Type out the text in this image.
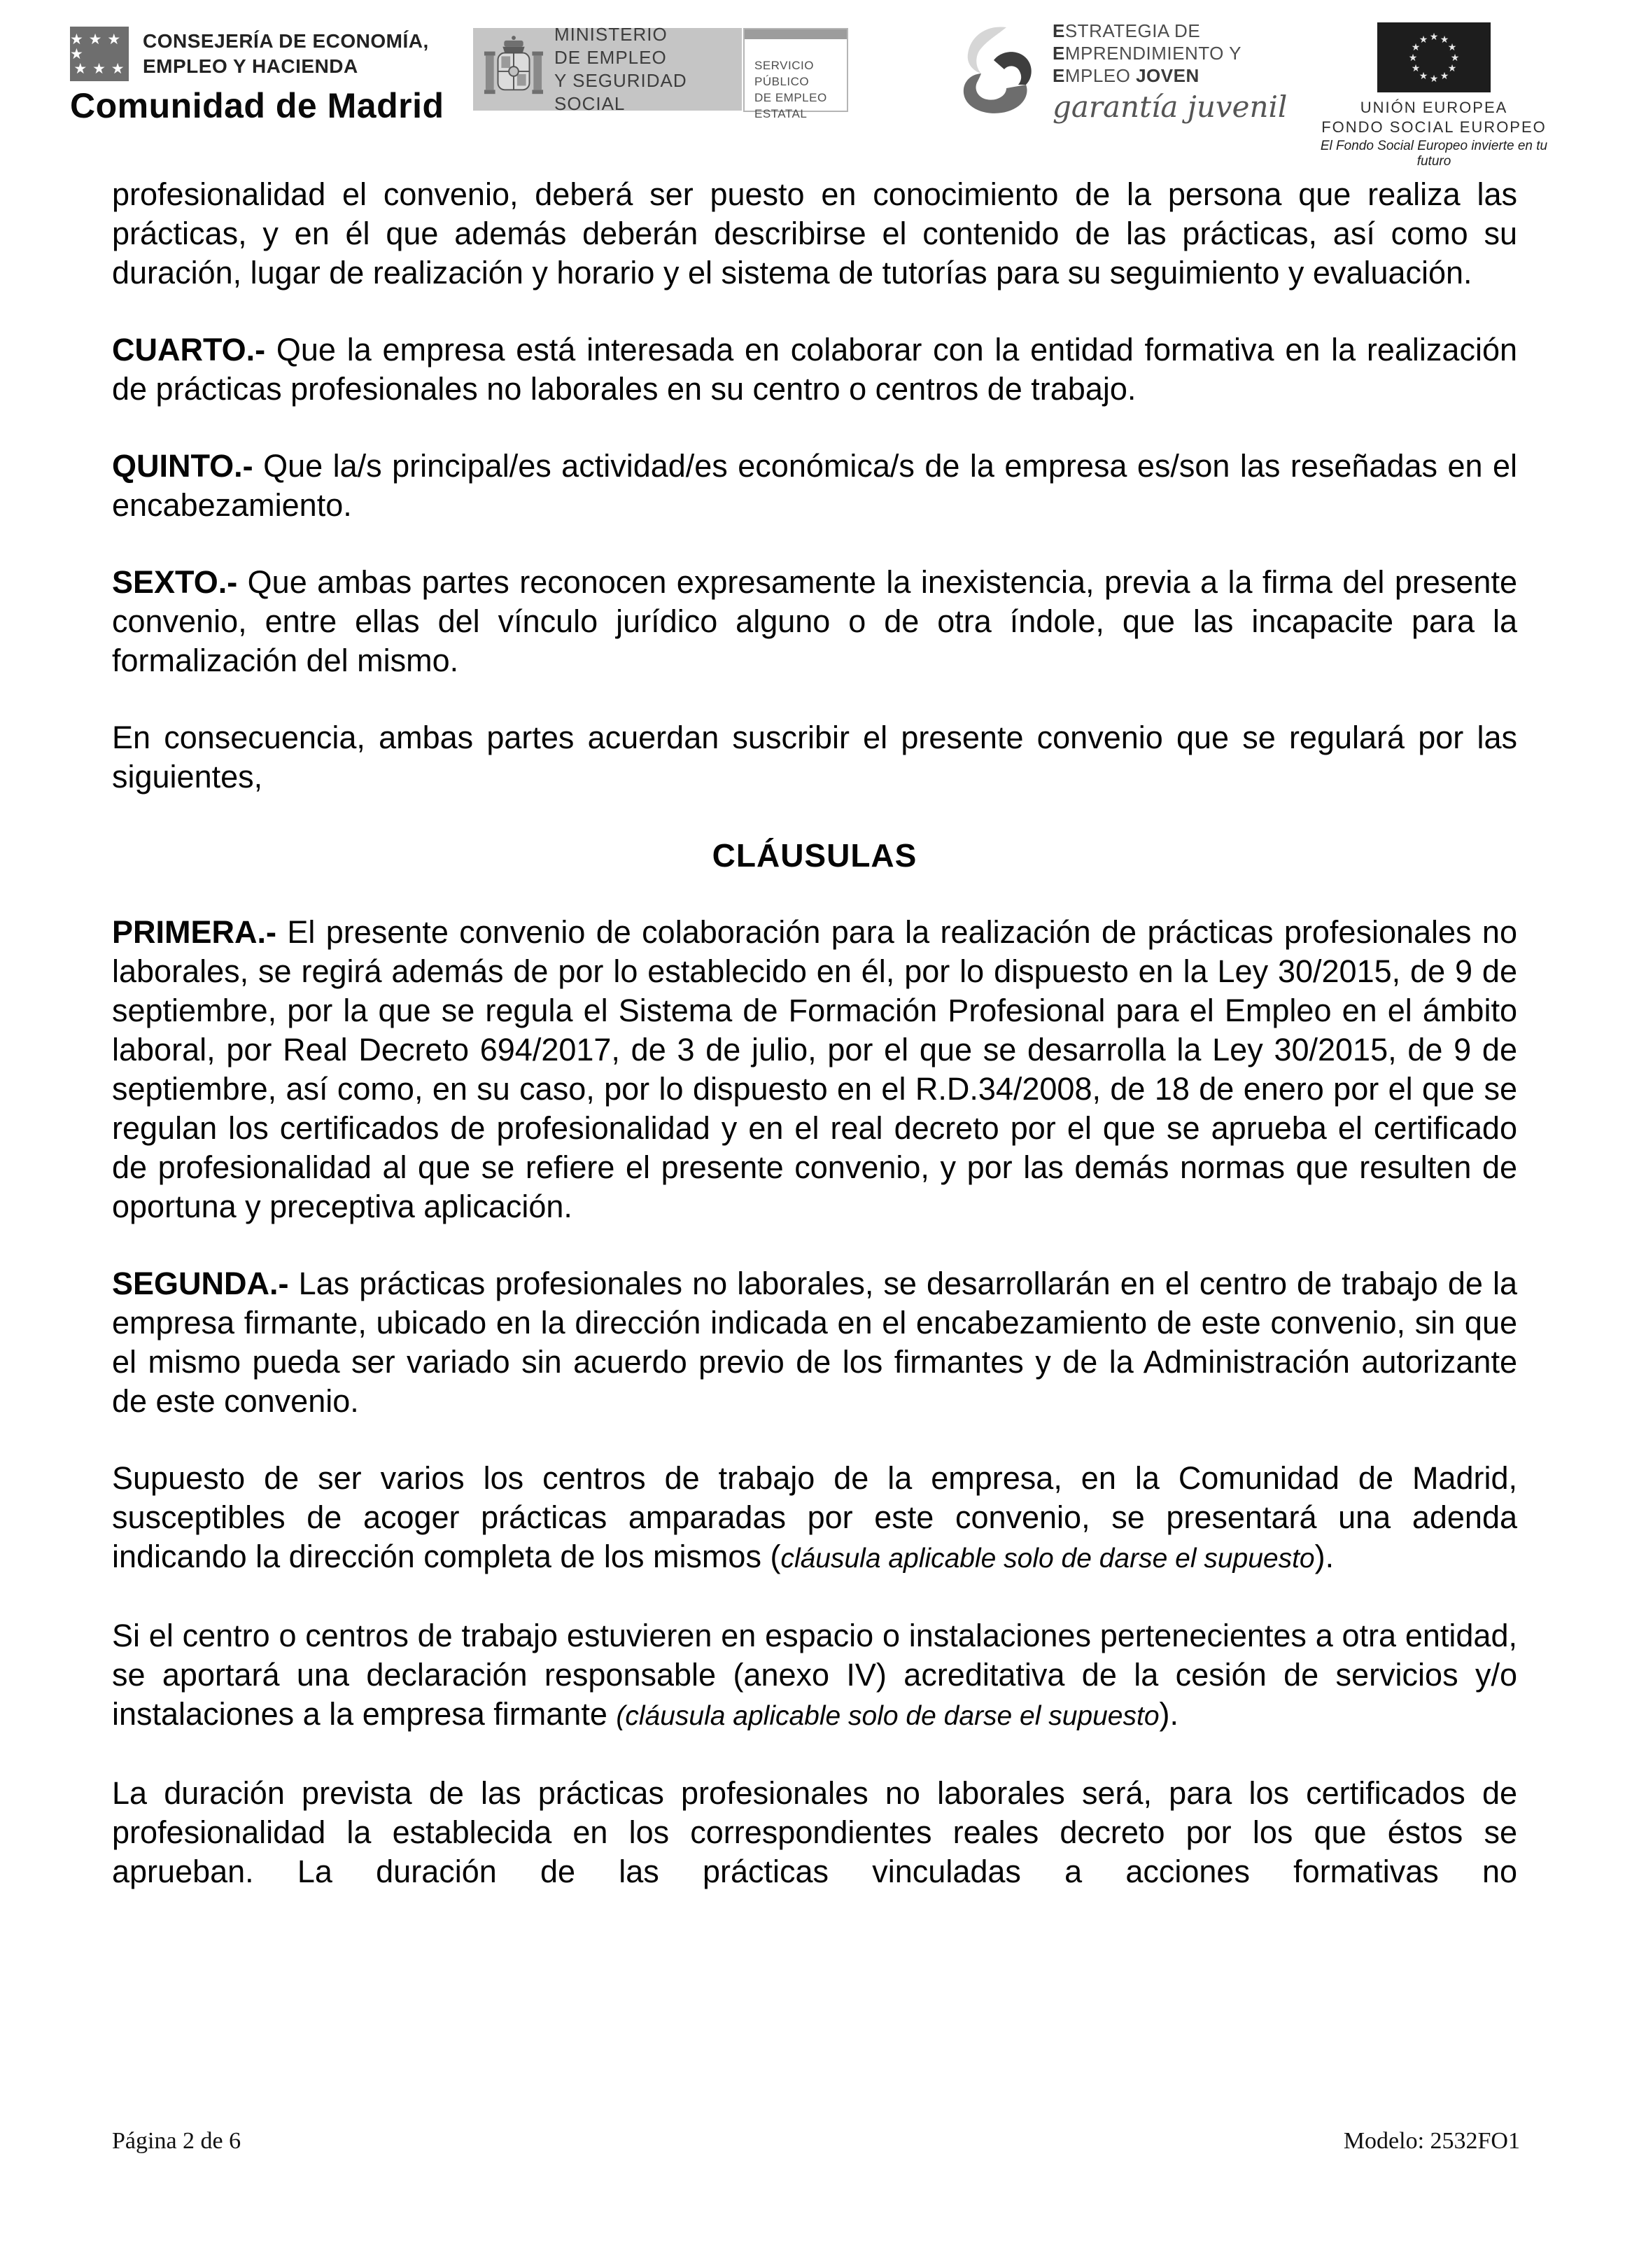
★ ★ ★ ★
★ ★ ★
CONSEJERÍA DE ECONOMÍA,
EMPLEO Y HACIENDA
Comunidad de Madrid
MINISTERIO
DE EMPLEO
Y SEGURIDAD SOCIAL
SERVICIO PÚBLICO
DE EMPLEO ESTATAL
ESTRATEGIA DE
EMPRENDIMIENTO Y
EMPLEO JOVEN
garantía juvenil
★ ★
★
★
★
★
★
★
★
★
★
★
UNIÓN EUROPEA
FONDO SOCIAL EUROPEO
El Fondo Social Europeo invierte en tu futuro

profesionalidad el convenio, deberá ser puesto en conocimiento de la persona que realiza las prácticas, y en él que además deberán describirse el contenido de las prácticas, así como su duración, lugar de realización y horario y el sistema de tutorías para su seguimiento y evaluación.

CUARTO.- Que la empresa está interesada en colaborar con la entidad formativa en la realización de prácticas profesionales no laborales en su centro o centros de trabajo.

QUINTO.- Que la/s principal/es actividad/es económica/s de la empresa es/son las reseñadas en el encabezamiento.

SEXTO.- Que ambas partes reconocen expresamente la inexistencia, previa a la firma del presente convenio, entre ellas del vínculo jurídico alguno o de otra índole, que las incapacite para la formalización del mismo.

En consecuencia, ambas partes acuerdan suscribir el presente convenio que se regulará por las siguientes,

CLÁUSULAS

PRIMERA.- El presente convenio de colaboración para la realización de prácticas profesionales no laborales, se regirá además de por lo establecido en él, por lo dispuesto en la Ley 30/2015, de 9 de septiembre, por la que se regula el Sistema de Formación Profesional para el Empleo en el ámbito laboral, por Real Decreto 694/2017, de 3 de julio, por el que se desarrolla la Ley 30/2015, de 9 de septiembre, así como, en su caso, por lo dispuesto en el R.D.34/2008, de 18 de enero por el que se regulan los certificados de profesionalidad y en el real decreto por el que se aprueba el certificado de profesionalidad al que se refiere el presente convenio, y por las demás normas que resulten de oportuna y preceptiva aplicación.

SEGUNDA.- Las prácticas profesionales no laborales, se desarrollarán en el centro de trabajo de la empresa firmante, ubicado en la dirección indicada en el encabezamiento de este convenio, sin que el mismo pueda ser variado sin acuerdo previo de los firmantes y de la Administración autorizante de este convenio.

Supuesto de ser varios los centros de trabajo de la empresa, en la Comunidad de Madrid, susceptibles de acoger prácticas amparadas por este convenio, se presentará una adenda indicando la dirección completa de los mismos (cláusula aplicable solo de darse el supuesto).

Si el centro o centros de trabajo estuvieren en espacio o instalaciones pertenecientes a otra entidad, se aportará una declaración responsable (anexo IV) acreditativa de la cesión de servicios y/o instalaciones a la empresa firmante (cláusula aplicable solo de darse el supuesto).

La duración prevista de las prácticas profesionales no laborales será, para los certificados de profesionalidad la establecida en los correspondientes reales decreto por los que éstos se aprueban. La duración de las prácticas vinculadas a acciones formativas no

Página 2 de 6	Modelo: 2532FO1
